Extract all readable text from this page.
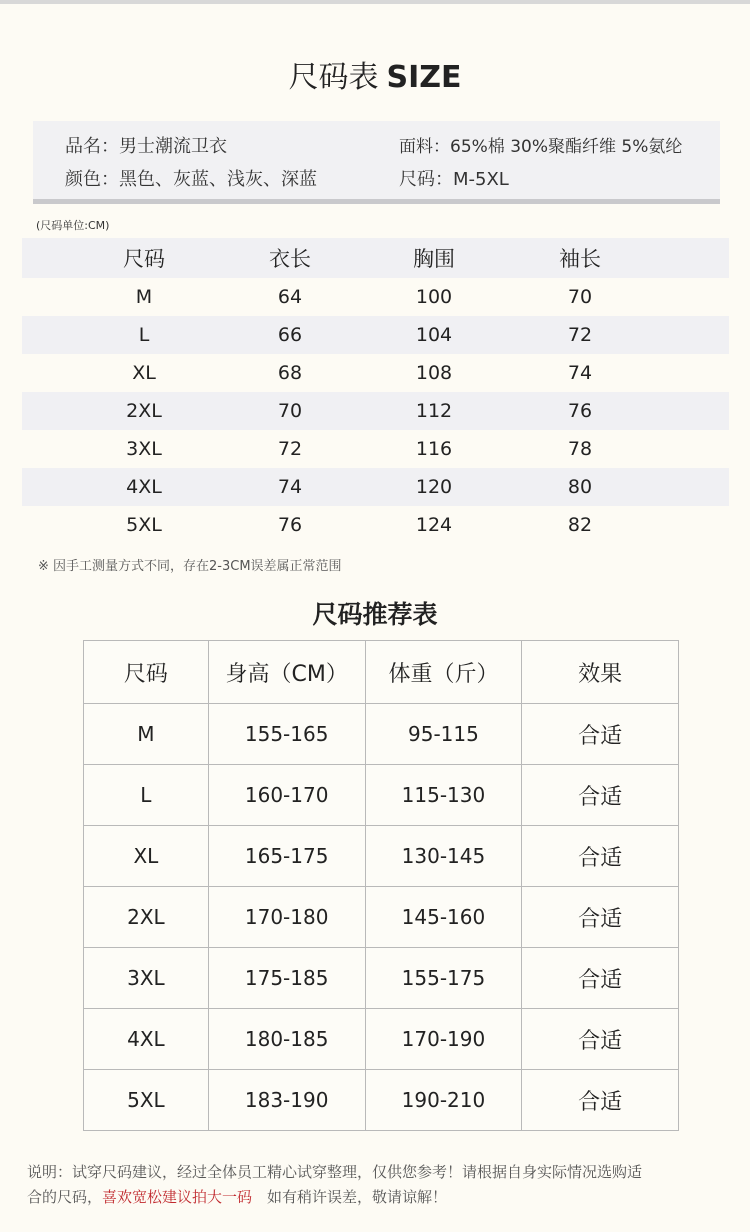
尺码表 SIZE
品名：男士潮流卫衣
颜色：黑色、灰蓝、浅灰、深蓝
面料：65%棉 30%聚酯纤维 5%氨纶
尺码：M-5XL
(尺码单位:CM)
尺码	衣长	胸围	袖长
M	64	100	70
L	66	104	72
XL	68	108	74
2XL	70	112	76
3XL	72	116	78
4XL	74	120	80
5XL	76	124	82
※ 因手工测量方式不同，存在2-3CM误差属正常范围
尺码推荐表
尺码	身高（CM）	体重（斤）	效果
M	155-165	95-115	合适
L	160-170	115-130	合适
XL	165-175	130-145	合适
2XL	170-180	145-160	合适
3XL	175-185	155-175	合适
4XL	180-185	170-190	合适
5XL	183-190	190-210	合适
说明：试穿尺码建议，经过全体员工精心试穿整理，仅供您参考！请根据自身实际情况选购适
合的尺码，喜欢宽松建议拍大一码　如有稍许误差，敬请谅解！
